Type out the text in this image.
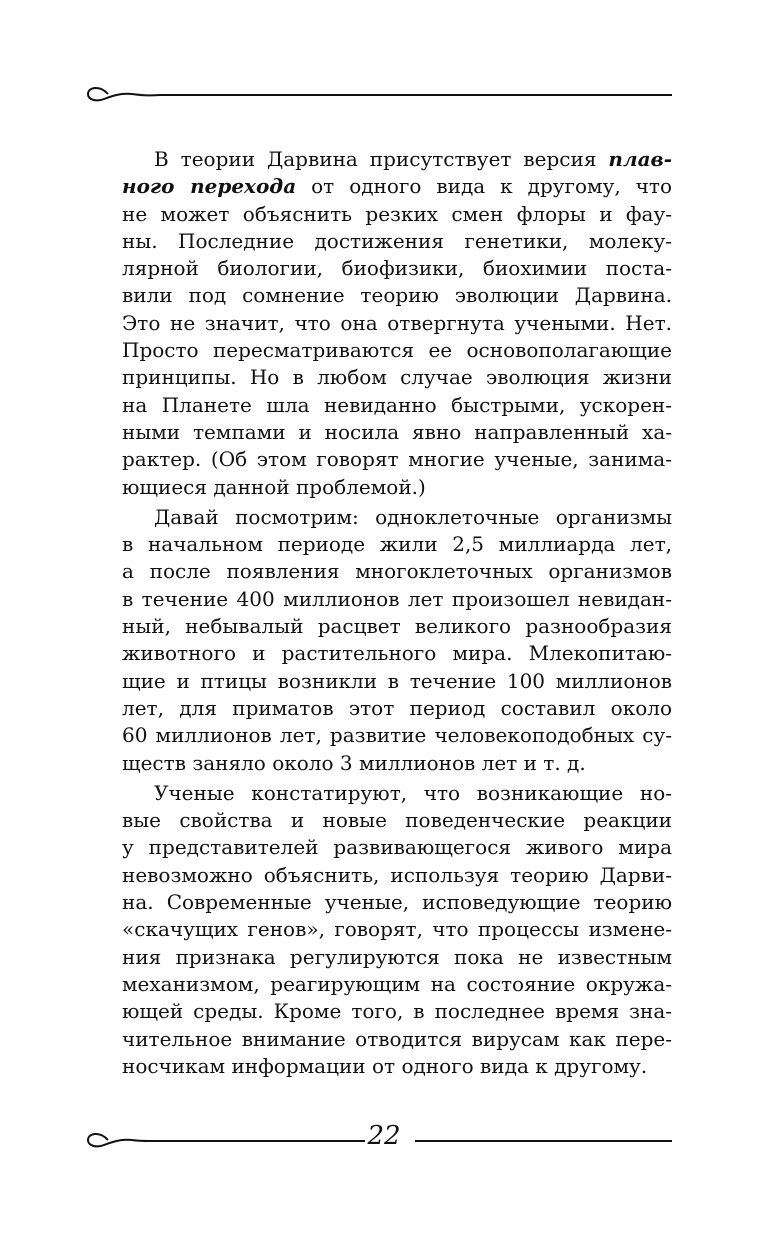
В теории Дарвина присутствует версия плав-
ного перехода от одного вида к другому, что
не может объяснить резких смен флоры и фау-
ны. Последние достижения генетики, молеку-
лярной биологии, биофизики, биохимии поста-
вили под сомнение теорию эволюции Дарвина.
Это не значит, что она отвергнута учеными. Нет.
Просто пересматриваются ее основополагающие
принципы. Но в любом случае эволюция жизни
на Планете шла невиданно быстрыми, ускорен-
ными темпами и носила явно направленный ха-
рактер. (Об этом говорят многие ученые, занима-
ющиеся данной проблемой.)
Давай посмотрим: одноклеточные организмы
в начальном периоде жили 2,5 миллиарда лет,
а после появления многоклеточных организмов
в течение 400 миллионов лет произошел невидан-
ный, небывалый расцвет великого разнообразия
животного и растительного мира. Млекопитаю-
щие и птицы возникли в течение 100 миллионов
лет, для приматов этот период составил около
60 миллионов лет, развитие человекоподобных су-
ществ заняло около 3 миллионов лет и т. д.
Ученые констатируют, что возникающие но-
вые свойства и новые поведенческие реакции
у представителей развивающегося живого мира
невозможно объяснить, используя теорию Дарви-
на. Современные ученые, исповедующие теорию
«скачущих генов», говорят, что процессы измене-
ния признака регулируются пока не известным
механизмом, реагирующим на состояние окружа-
ющей среды. Кроме того, в последнее время зна-
чительное внимание отводится вирусам как пере-
носчикам информации от одного вида к другому.
22
